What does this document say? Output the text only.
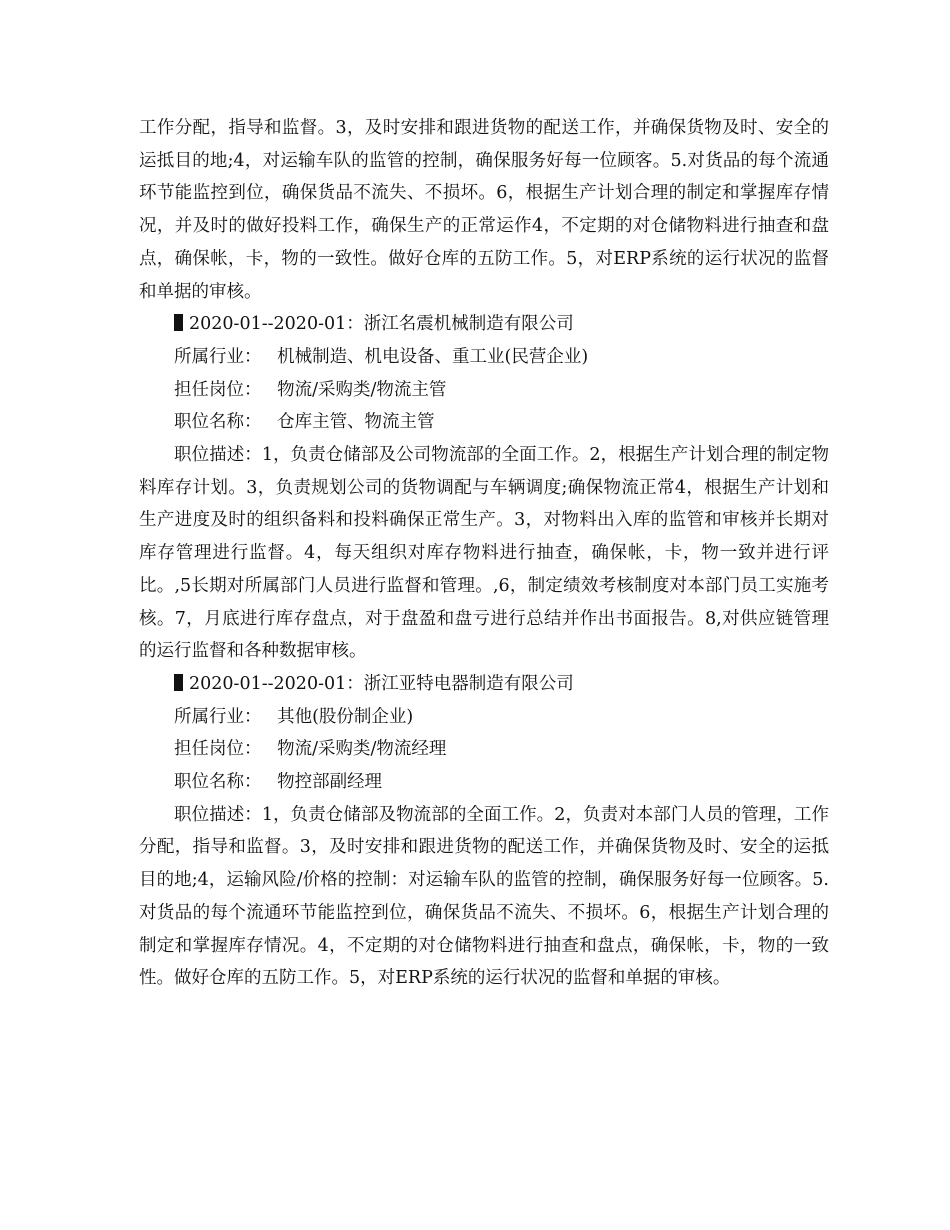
工作分配，指导和监督。3，及时安排和跟进货物的配送工作，并确保货物及时、安全的运抵目的地;4，对运输车队的监管的控制，确保服务好每一位顾客。5.对货品的每个流通环节能监控到位，确保货品不流失、不损坏。6，根据生产计划合理的制定和掌握库存情况，并及时的做好投料工作，确保生产的正常运作4，不定期的对仓储物料进行抽查和盘点，确保帐，卡，物的一致性。做好仓库的五防工作。5，对ERP系统的运行状况的监督和单据的审核。

2020-01--2020-01：浙江名震机械制造有限公司

所属行业： 机械制造、机电设备、重工业(民营企业)

担任岗位： 物流/采购类/物流主管

职位名称： 仓库主管、物流主管

职位描述：1，负责仓储部及公司物流部的全面工作。2，根据生产计划合理的制定物料库存计划。3，负责规划公司的货物调配与车辆调度;确保物流正常4，根据生产计划和生产进度及时的组织备料和投料确保正常生产。3，对物料出入库的监管和审核并长期对库存管理进行监督。4，每天组织对库存物料进行抽查，确保帐，卡，物一致并进行评比。,5长期对所属部门人员进行监督和管理。,6，制定绩效考核制度对本部门员工实施考核。7，月底进行库存盘点，对于盘盈和盘亏进行总结并作出书面报告。8,对供应链管理的运行监督和各种数据审核。

2020-01--2020-01：浙江亚特电器制造有限公司

所属行业： 其他(股份制企业)

担任岗位： 物流/采购类/物流经理

职位名称： 物控部副经理

职位描述：1，负责仓储部及物流部的全面工作。2，负责对本部门人员的管理，工作分配，指导和监督。3，及时安排和跟进货物的配送工作，并确保货物及时、安全的运抵目的地;4，运输风险/价格的控制：对运输车队的监管的控制，确保服务好每一位顾客。5.对货品的每个流通环节能监控到位，确保货品不流失、不损坏。6，根据生产计划合理的制定和掌握库存情况。4，不定期的对仓储物料进行抽查和盘点，确保帐，卡，物的一致性。做好仓库的五防工作。5，对ERP系统的运行状况的监督和单据的审核。
